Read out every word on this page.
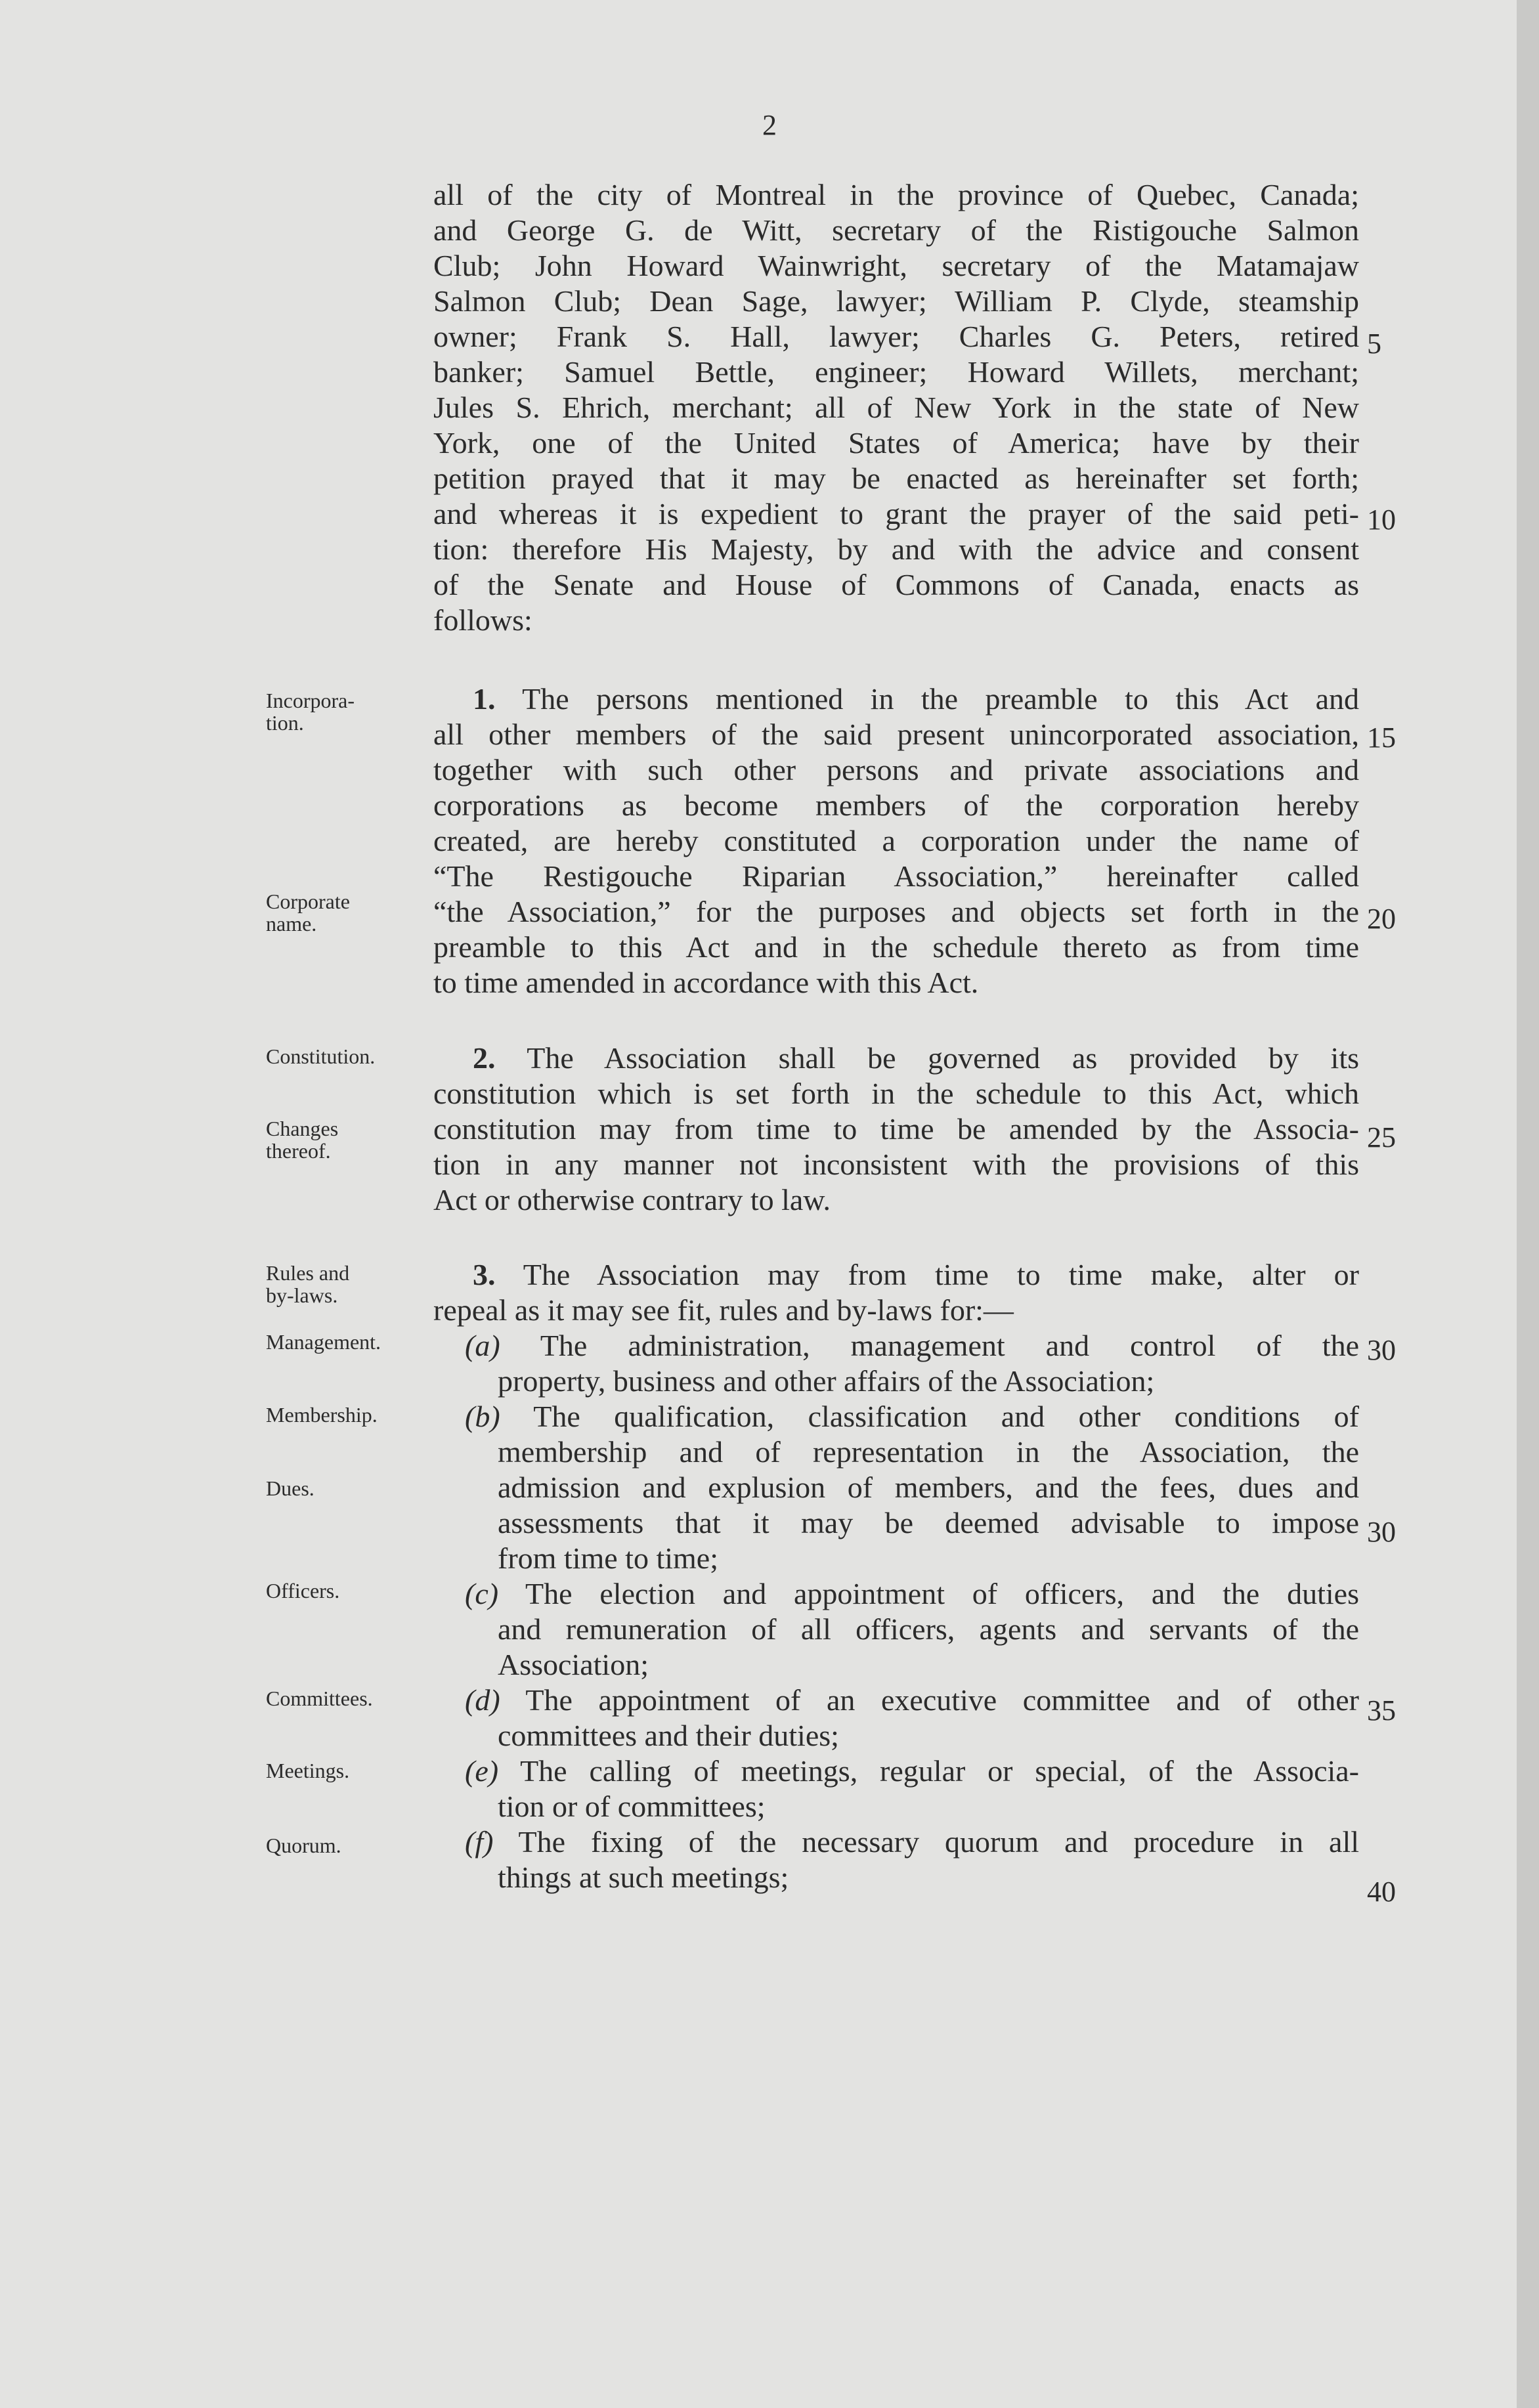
2
all of the city of Montreal in the province of Quebec, Canada;
and George G. de Witt, secretary of the Ristigouche Salmon
Club; John Howard Wainwright, secretary of the Matamajaw
Salmon Club; Dean Sage, lawyer; William P. Clyde, steamship
owner; Frank S. Hall, lawyer; Charles G. Peters, retired
banker; Samuel Bettle, engineer; Howard Willets, merchant;
Jules S. Ehrich, merchant; all of New York in the state of New
York, one of the United States of America; have by their
petition prayed that it may be enacted as hereinafter set forth;
and whereas it is expedient to grant the prayer of the said peti-
tion: therefore His Majesty, by and with the advice and consent
of the Senate and House of Commons of Canada, enacts as
follows:
1. The persons mentioned in the preamble to this Act and
all other members of the said present unincorporated association,
together with such other persons and private associations and
corporations as become members of the corporation hereby
created, are hereby constituted a corporation under the name of
“The Restigouche Riparian Association,” hereinafter called
“the Association,” for the purposes and objects set forth in the
preamble to this Act and in the schedule thereto as from time
to time amended in accordance with this Act.
2. The Association shall be governed as provided by its
constitution which is set forth in the schedule to this Act, which
constitution may from time to time be amended by the Associa-
tion in any manner not inconsistent with the provisions of this
Act or otherwise contrary to law.
3. The Association may from time to time make, alter or
repeal as it may see fit, rules and by-laws for:—
(a) The administration, management and control of the
property, business and other affairs of the Association;
(b) The qualification, classification and other conditions of
membership and of representation in the Association, the
admission and explusion of members, and the fees, dues and
assessments that it may be deemed advisable to impose
from time to time;
(c) The election and appointment of officers, and the duties
and remuneration of all officers, agents and servants of the
Association;
(d) The appointment of an executive committee and of other
committees and their duties;
(e) The calling of meetings, regular or special, of the Associa-
tion or of committees;
(f) The fixing of the necessary quorum and procedure in all
things at such meetings;
Incorpora-
tion.
Corporate
name.
Constitution.
Changes
thereof.
Rules and
by-laws.
Management.
Membership.
Dues.
Officers.
Committees.
Meetings.
Quorum.
5
10
15
20
25
30
30
35
40
